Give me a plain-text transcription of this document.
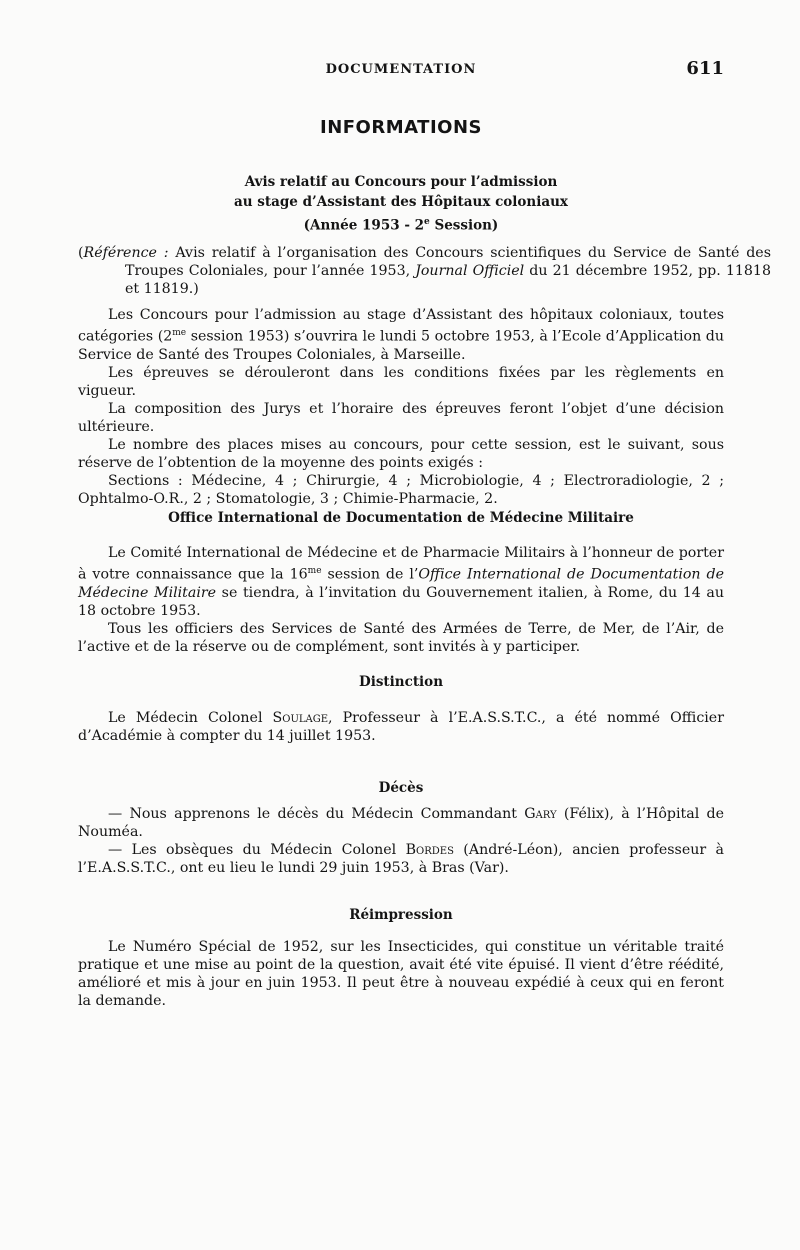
DOCUMENTATION	611
INFORMATIONS
Avis relatif au Concours pour l’admission
au stage d’Assistant des Hôpitaux coloniaux
(Année 1953 - 2e Session)

(Référence : Avis relatif à l’organisation des Concours scientifiques du Service de Santé des Troupes Coloniales, pour l’année 1953, Journal Officiel du 21 décembre 1952, pp. 11818 et 11819.)

Les Concours pour l’admission au stage d’Assistant des hôpitaux coloniaux, toutes catégories ($2^{me}$ session 1953) s’ouvrira le lundi 5 octobre 1953, à l’Ecole d’Application du Service de Santé des Troupes Coloniales, à Marseille.

Les épreuves se dérouleront dans les conditions fixées par les règlements en vigueur.

La composition des Jurys et l’horaire des épreuves feront l’objet d’une décision ultérieure.

Le nombre des places mises au concours, pour cette session, est le suivant, sous réserve de l’obtention de la moyenne des points exigés :

Sections : Médecine, 4 ; Chirurgie, 4 ; Microbiologie, 4 ; Electroradiologie, 2 ; Ophtalmo-O.R., 2 ; Stomatologie, 3 ; Chimie-Pharmacie, 2.

Office International de Documentation de Médecine Militaire

Le Comité International de Médecine et de Pharmacie Militairs à l’honneur de porter à votre connaissance que la $16^{me}$ session de l’Office International de Documentation de Médecine Militaire se tiendra, à l’invitation du Gouvernement italien, à Rome, du 14 au 18 octobre 1953.

Tous les officiers des Services de Santé des Armées de Terre, de Mer, de l’Air, de l’active et de la réserve ou de complément, sont invités à y participer.

Distinction

Le Médecin Colonel Soulage, Professeur à l’E.A.S.S.T.C., a été nommé Officier d’Académie à compter du 14 juillet 1953.

Décès

— Nous apprenons le décès du Médecin Commandant Gary (Félix), à l’Hôpital de Nouméa.

— Les obsèques du Médecin Colonel Bordes (André-Léon), ancien professeur à l’E.A.S.S.T.C., ont eu lieu le lundi 29 juin 1953, à Bras (Var).

Réimpression

Le Numéro Spécial de 1952, sur les Insecticides, qui constitue un véritable traité pratique et une mise au point de la question, avait été vite épuisé. Il vient d’être réédité, amélioré et mis à jour en juin 1953. Il peut être à nouveau expédié à ceux qui en feront la demande.
